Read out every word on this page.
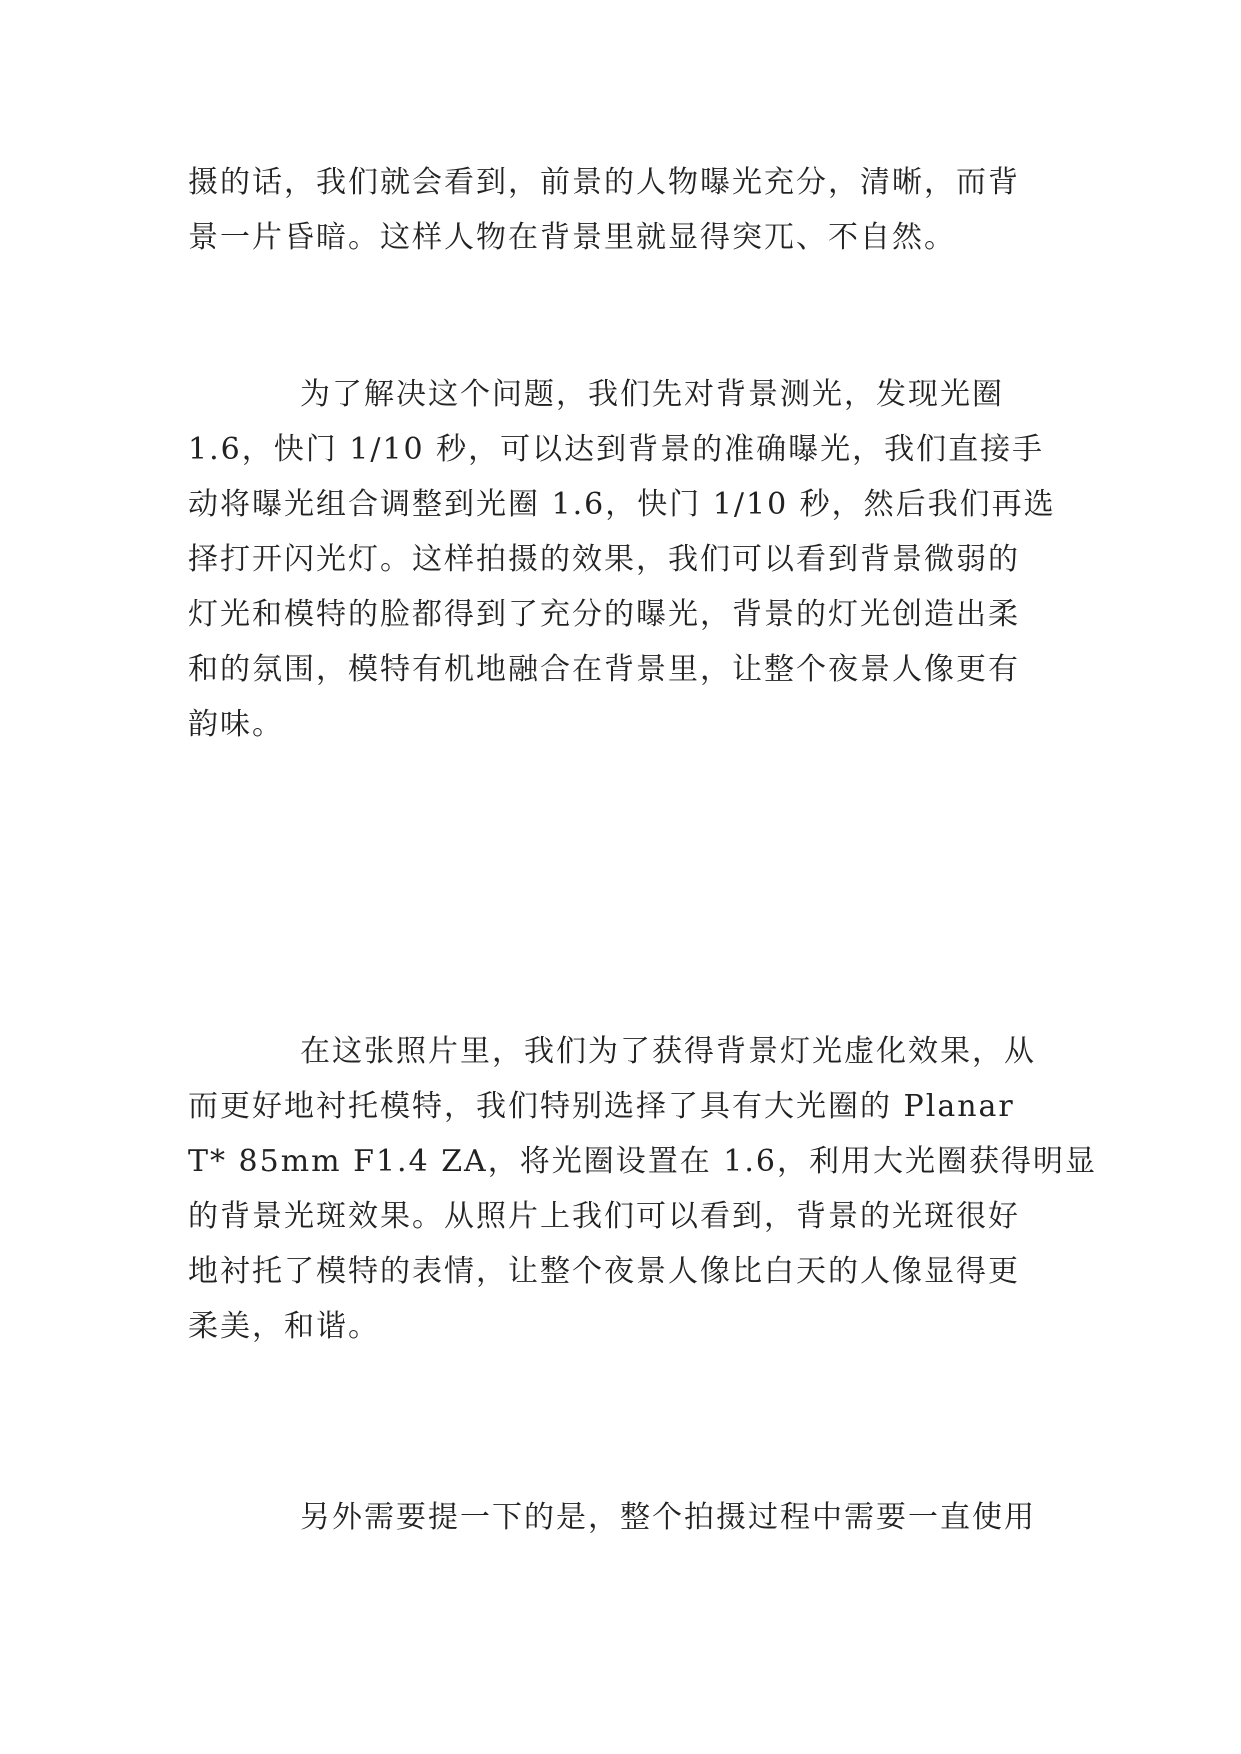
摄的话，我们就会看到，前景的人物曝光充分，清晰，而背
景一片昏暗。这样人物在背景里就显得突兀、不自然。
为了解决这个问题，我们先对背景测光，发现光圈
1.6，快门 1/10 秒，可以达到背景的准确曝光，我们直接手
动将曝光组合调整到光圈 1.6，快门 1/10 秒，然后我们再选
择打开闪光灯。这样拍摄的效果，我们可以看到背景微弱的
灯光和模特的脸都得到了充分的曝光，背景的灯光创造出柔
和的氛围，模特有机地融合在背景里，让整个夜景人像更有
韵味。
在这张照片里，我们为了获得背景灯光虚化效果，从
而更好地衬托模特，我们特别选择了具有大光圈的 Planar
T* 85mm F1.4 ZA，将光圈设置在 1.6，利用大光圈获得明显
的背景光斑效果。从照片上我们可以看到，背景的光斑很好
地衬托了模特的表情，让整个夜景人像比白天的人像显得更
柔美，和谐。
另外需要提一下的是，整个拍摄过程中需要一直使用
